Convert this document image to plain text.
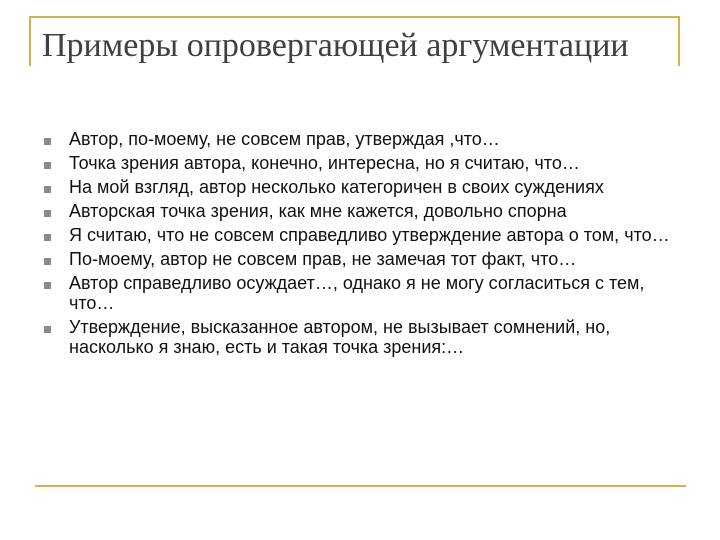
Примеры опровергающей аргументации
Автор, по-моему, не совсем прав, утверждая ,что…
Точка зрения автора, конечно, интересна, но я считаю, что…
На мой взгляд, автор несколько категоричен в своих суждениях
Авторская точка зрения, как мне кажется, довольно спорна
Я считаю, что не совсем справедливо утверждение автора о том, что…
По-моему, автор не совсем прав, не замечая тот факт, что…
Автор справедливо осуждает…, однако я не могу согласиться с тем, что…
Утверждение, высказанное автором, не вызывает сомнений, но, насколько я знаю, есть и такая точка зрения:…
